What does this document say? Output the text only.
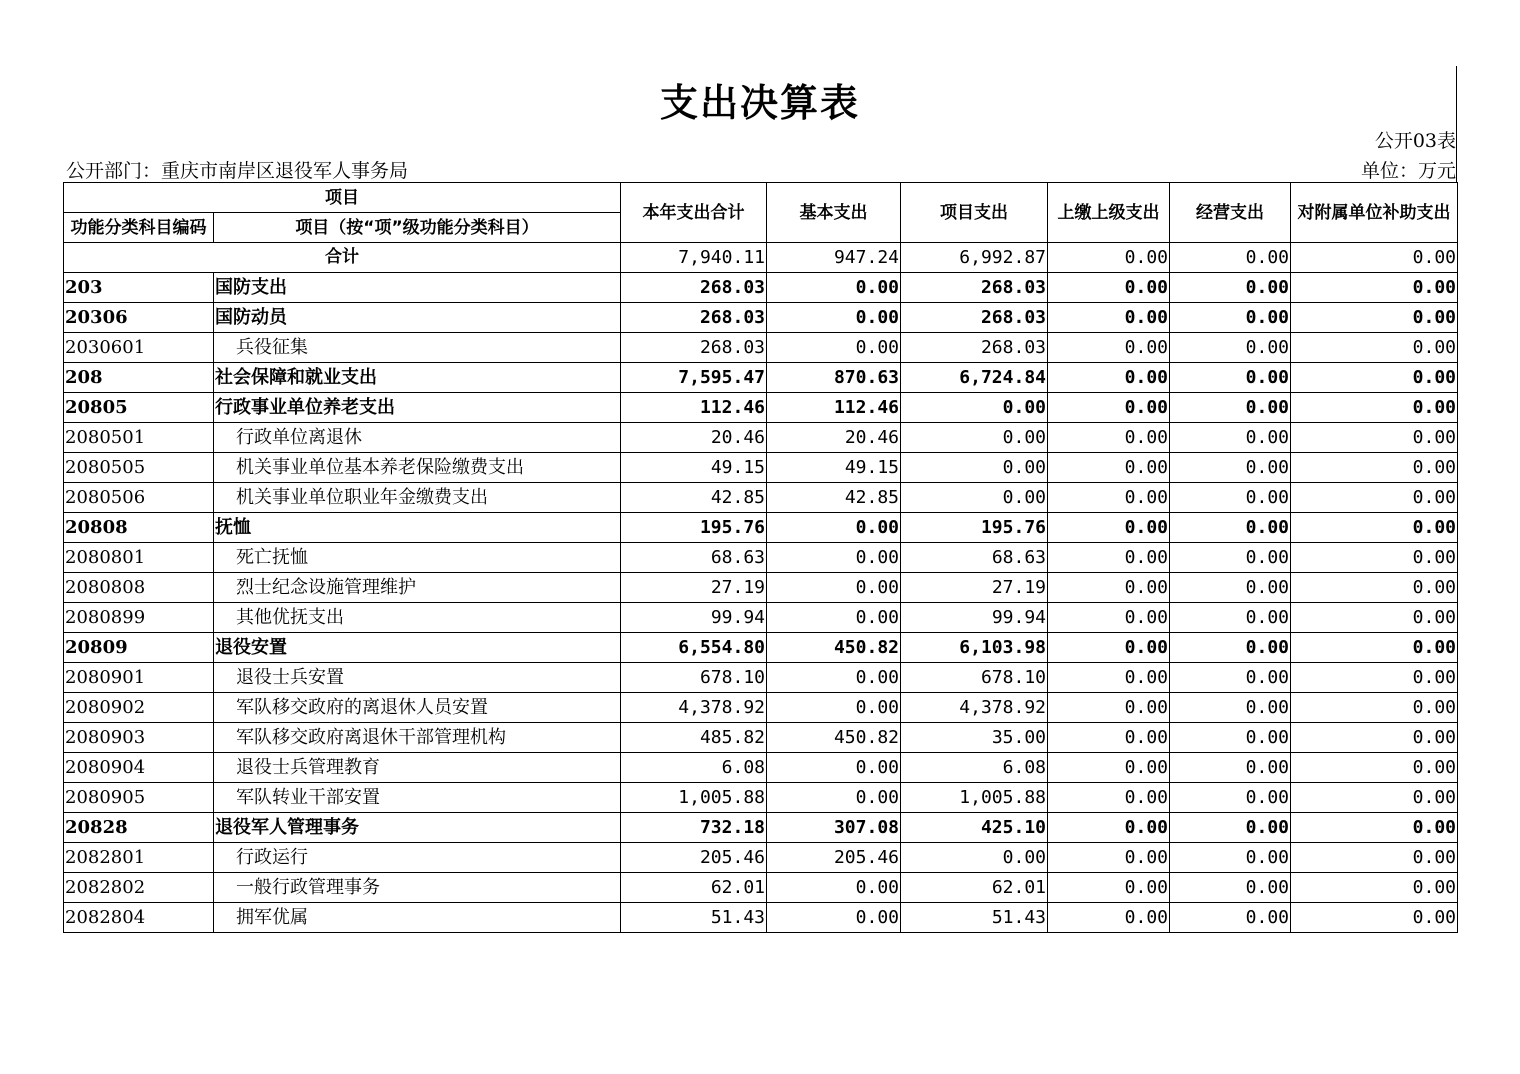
支出决算表
公开03表
公开部门：重庆市南岸区退役军人事务局	单位：万元
项目		本年支出合计	基本支出	项目支出	上缴上级支出	经营支出	对附属单位补助支出
功能分类科目编码	项目（按“项”级功能分类科目）						
合计		7,940.11	947.24	6,992.87	0.00	0.00	0.00
203	国防支出	268.03	0.00	268.03	0.00	0.00	0.00
20306	国防动员	268.03	0.00	268.03	0.00	0.00	0.00
2030601	兵役征集	268.03	0.00	268.03	0.00	0.00	0.00
208	社会保障和就业支出	7,595.47	870.63	6,724.84	0.00	0.00	0.00
20805	行政事业单位养老支出	112.46	112.46	0.00	0.00	0.00	0.00
2080501	行政单位离退休	20.46	20.46	0.00	0.00	0.00	0.00
2080505	机关事业单位基本养老保险缴费支出	49.15	49.15	0.00	0.00	0.00	0.00
2080506	机关事业单位职业年金缴费支出	42.85	42.85	0.00	0.00	0.00	0.00
20808	抚恤	195.76	0.00	195.76	0.00	0.00	0.00
2080801	死亡抚恤	68.63	0.00	68.63	0.00	0.00	0.00
2080808	烈士纪念设施管理维护	27.19	0.00	27.19	0.00	0.00	0.00
2080899	其他优抚支出	99.94	0.00	99.94	0.00	0.00	0.00
20809	退役安置	6,554.80	450.82	6,103.98	0.00	0.00	0.00
2080901	退役士兵安置	678.10	0.00	678.10	0.00	0.00	0.00
2080902	军队移交政府的离退休人员安置	4,378.92	0.00	4,378.92	0.00	0.00	0.00
2080903	军队移交政府离退休干部管理机构	485.82	450.82	35.00	0.00	0.00	0.00
2080904	退役士兵管理教育	6.08	0.00	6.08	0.00	0.00	0.00
2080905	军队转业干部安置	1,005.88	0.00	1,005.88	0.00	0.00	0.00
20828	退役军人管理事务	732.18	307.08	425.10	0.00	0.00	0.00
2082801	行政运行	205.46	205.46	0.00	0.00	0.00	0.00
2082802	一般行政管理事务	62.01	0.00	62.01	0.00	0.00	0.00
2082804	拥军优属	51.43	0.00	51.43	0.00	0.00	0.00
